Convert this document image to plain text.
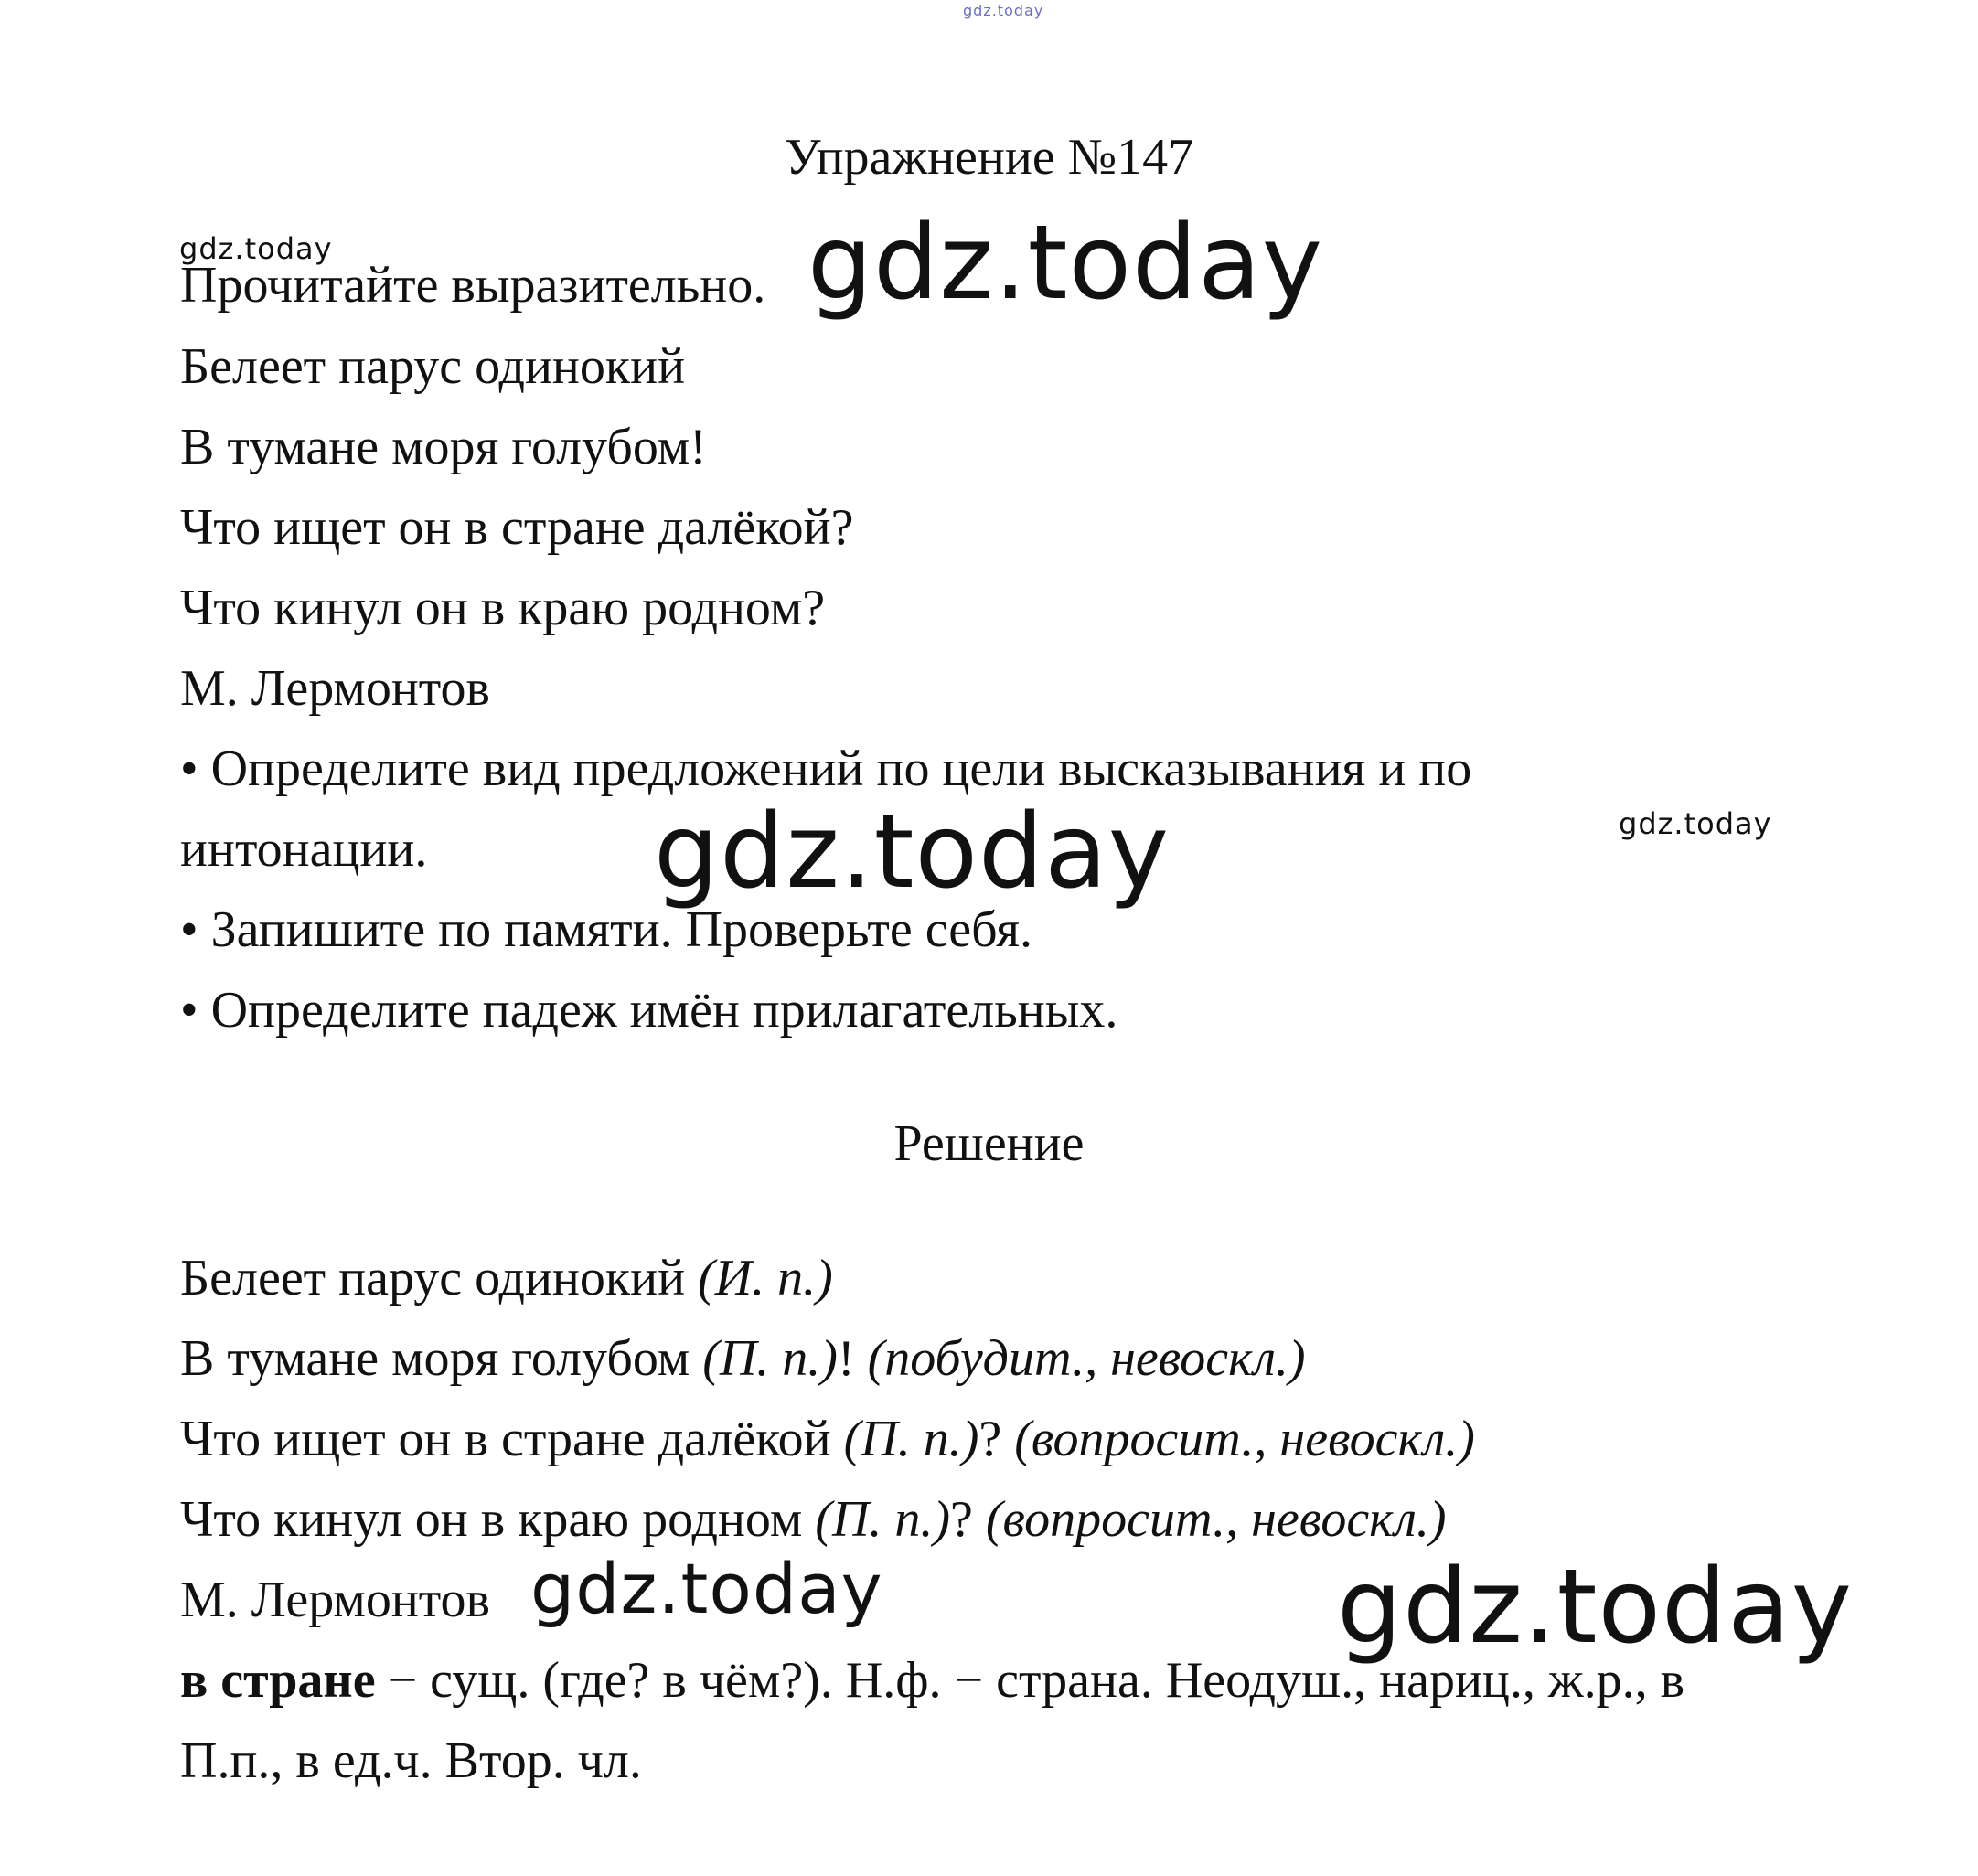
gdz.today
gdz.today	gdz.today
gdz.today
gdz.today
gdz.today	gdz.today
Упражнение №147
Прочитайте выразительно.
Белеет парус одинокий
В тумане моря голубом!
Что ищет он в стране далёкой?
Что кинул он в краю родном?
М. Лермонтов
• Определите вид предложений по цели высказывания и по
интонации.
• Запишите по памяти. Проверьте себя.
• Определите падеж имён прилагательных.
Решение
Белеет парус одинокий (И. п.)
В тумане моря голубом (П. п.)! (побудит., невоскл.)
Что ищет он в стране далёкой (П. п.)? (вопросит., невоскл.)
Что кинул он в краю родном (П. п.)? (вопросит., невоскл.)
М. Лермонтов
в стране − сущ. (где? в чём?). Н.ф. − страна. Неодуш., нариц., ж.р., в
П.п., в ед.ч. Втор. чл.
